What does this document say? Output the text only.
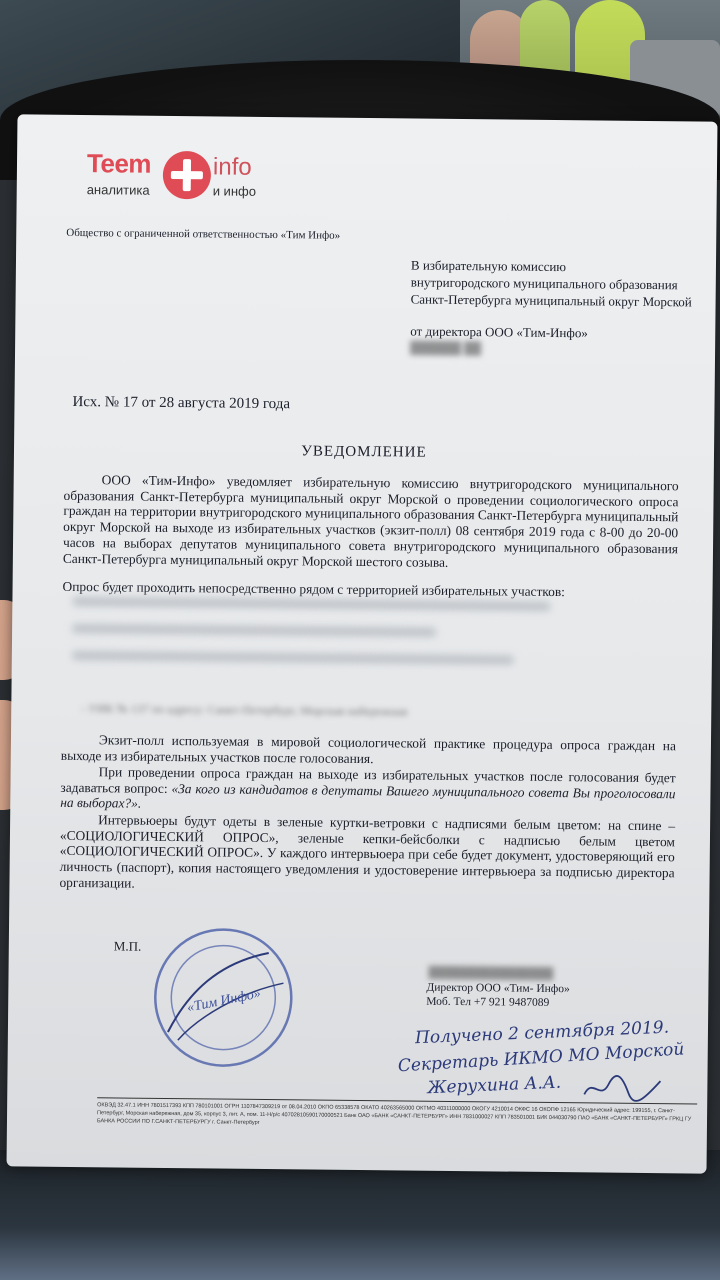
Teem	info
аналитика	и инфо
Общество с ограниченной ответственностью «Тим Инфо»
В избирательную комиссию
внутригородского муниципального образования
Санкт-Петербурга муниципальный округ Морской
от директора ООО «Тим-Инфо»
██████ ██
Исх. № 17 от 28 августа 2019 года
УВЕДОМЛЕНИЕ
ООО «Тим-Инфо» уведомляет избирательную комиссию внутригородского муниципального образования Санкт-Петербурга муниципальный округ Морской о проведении социологического опроса граждан на территории внутригородского муниципального образования Санкт-Петербурга муниципальный округ Морской на выходе из избирательных участков (экзит-полл) 08 сентября 2019 года с 8-00 до 20-00 часов на выборах депутатов муниципального совета внутригородского муниципального образования Санкт-Петербурга муниципальный округ Морской шестого созыва.
Опрос будет проходить непосредственно рядом с территорией избирательных участков:
- УИК № 137 по адресу: Санкт-Петербург, Морская набережная
Экзит-полл используемая в мировой социологической практике процедура опроса граждан на выходе из избирательных участков после голосования.
При проведении опроса граждан на выходе из избирательных участков после голосования будет задаваться вопрос: «За кого из кандидатов в депутаты Вашего муниципального совета Вы проголосовали на выборах?».
Интервьюеры будут одеты в зеленые куртки-ветровки с надписями белым цветом: на спине – «СОЦИОЛОГИЧЕСКИЙ ОПРОС», зеленые кепки-бейсболки с надписью белым цветом «СОЦИОЛОГИЧЕСКИЙ ОПРОС». У каждого интервьюера при себе будет документ, удостоверяющий его личность (паспорт), копия настоящего уведомления и удостоверение интервьюера за подписью директора организации.
М.П.
«Тим Инфо»
████████████████
Директор ООО «Тим- Инфо»
Моб. Тел +7 921 9487089
Получено 2 сентября 2019.
Секретарь ИКМО МО Морской
Жерухина А.А.
ОКВЭД 32.47.1 ИНН 7801517393 КПП 780101001 ОГРН 1107847309219 от 08.04.2010 ОКПО 65338578 ОКАТО 40263565000 ОКТМО 40311000000 ОКОГУ 4210014 ОКФС 16 ОКОПФ 12165 Юридический адрес: 199155, г. Санкт-Петербург, Морская набережная, дом 35, корпус 3, лит. А, пом. 11-Н/р/с 40702810590170000521 Банк ОАО «БАНК «САНКТ-ПЕТЕРБУРГ» ИНН 7831000027 КПП 783501001 БИК 044030790 ПАО «БАНК «САНКТ-ПЕТЕРБУРГ» ГРКЦ ГУ БАНКА РОССИИ ПО Г.САНКТ-ПЕТЕРБУРГУ г. Санкт-Петербург
